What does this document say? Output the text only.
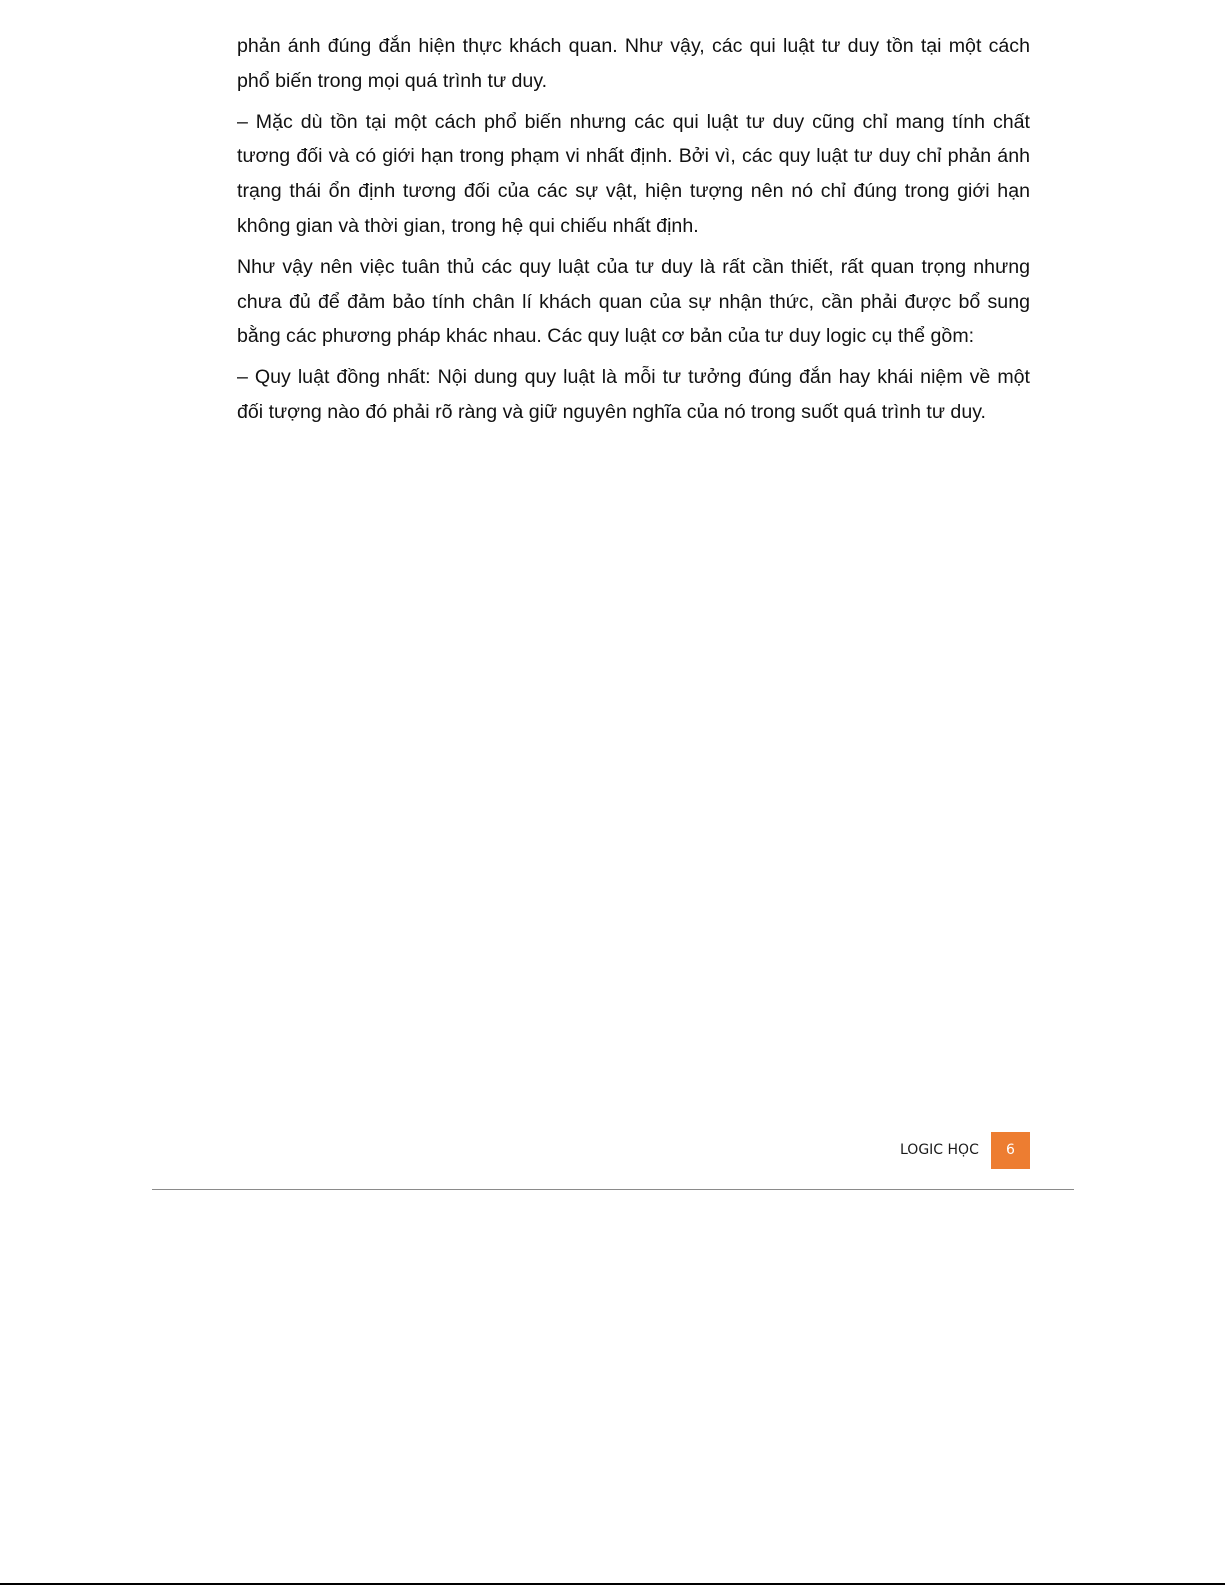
phản ánh đúng đắn hiện thực khách quan. Như vậy, các qui luật tư duy tồn tại một cách phổ biến trong mọi quá trình tư duy.

– Mặc dù tồn tại một cách phổ biến nhưng các qui luật tư duy cũng chỉ mang tính chất tương đối và có giới hạn trong phạm vi nhất định. Bởi vì, các quy luật tư duy chỉ phản ánh trạng thái ổn định tương đối của các sự vật, hiện tượng nên nó chỉ đúng trong giới hạn không gian và thời gian, trong hệ qui chiếu nhất định.

Như vậy nên việc tuân thủ các quy luật của tư duy là rất cần thiết, rất quan trọng nhưng chưa đủ để đảm bảo tính chân lí khách quan của sự nhận thức, cần phải được bổ sung bằng các phương pháp khác nhau. Các quy luật cơ bản của tư duy logic cụ thể gồm:

– Quy luật đồng nhất: Nội dung quy luật là mỗi tư tưởng đúng đắn hay khái niệm về một đối tượng nào đó phải rõ ràng và giữ nguyên nghĩa của nó trong suốt quá trình tư duy.

LOGIC HỌC	6
